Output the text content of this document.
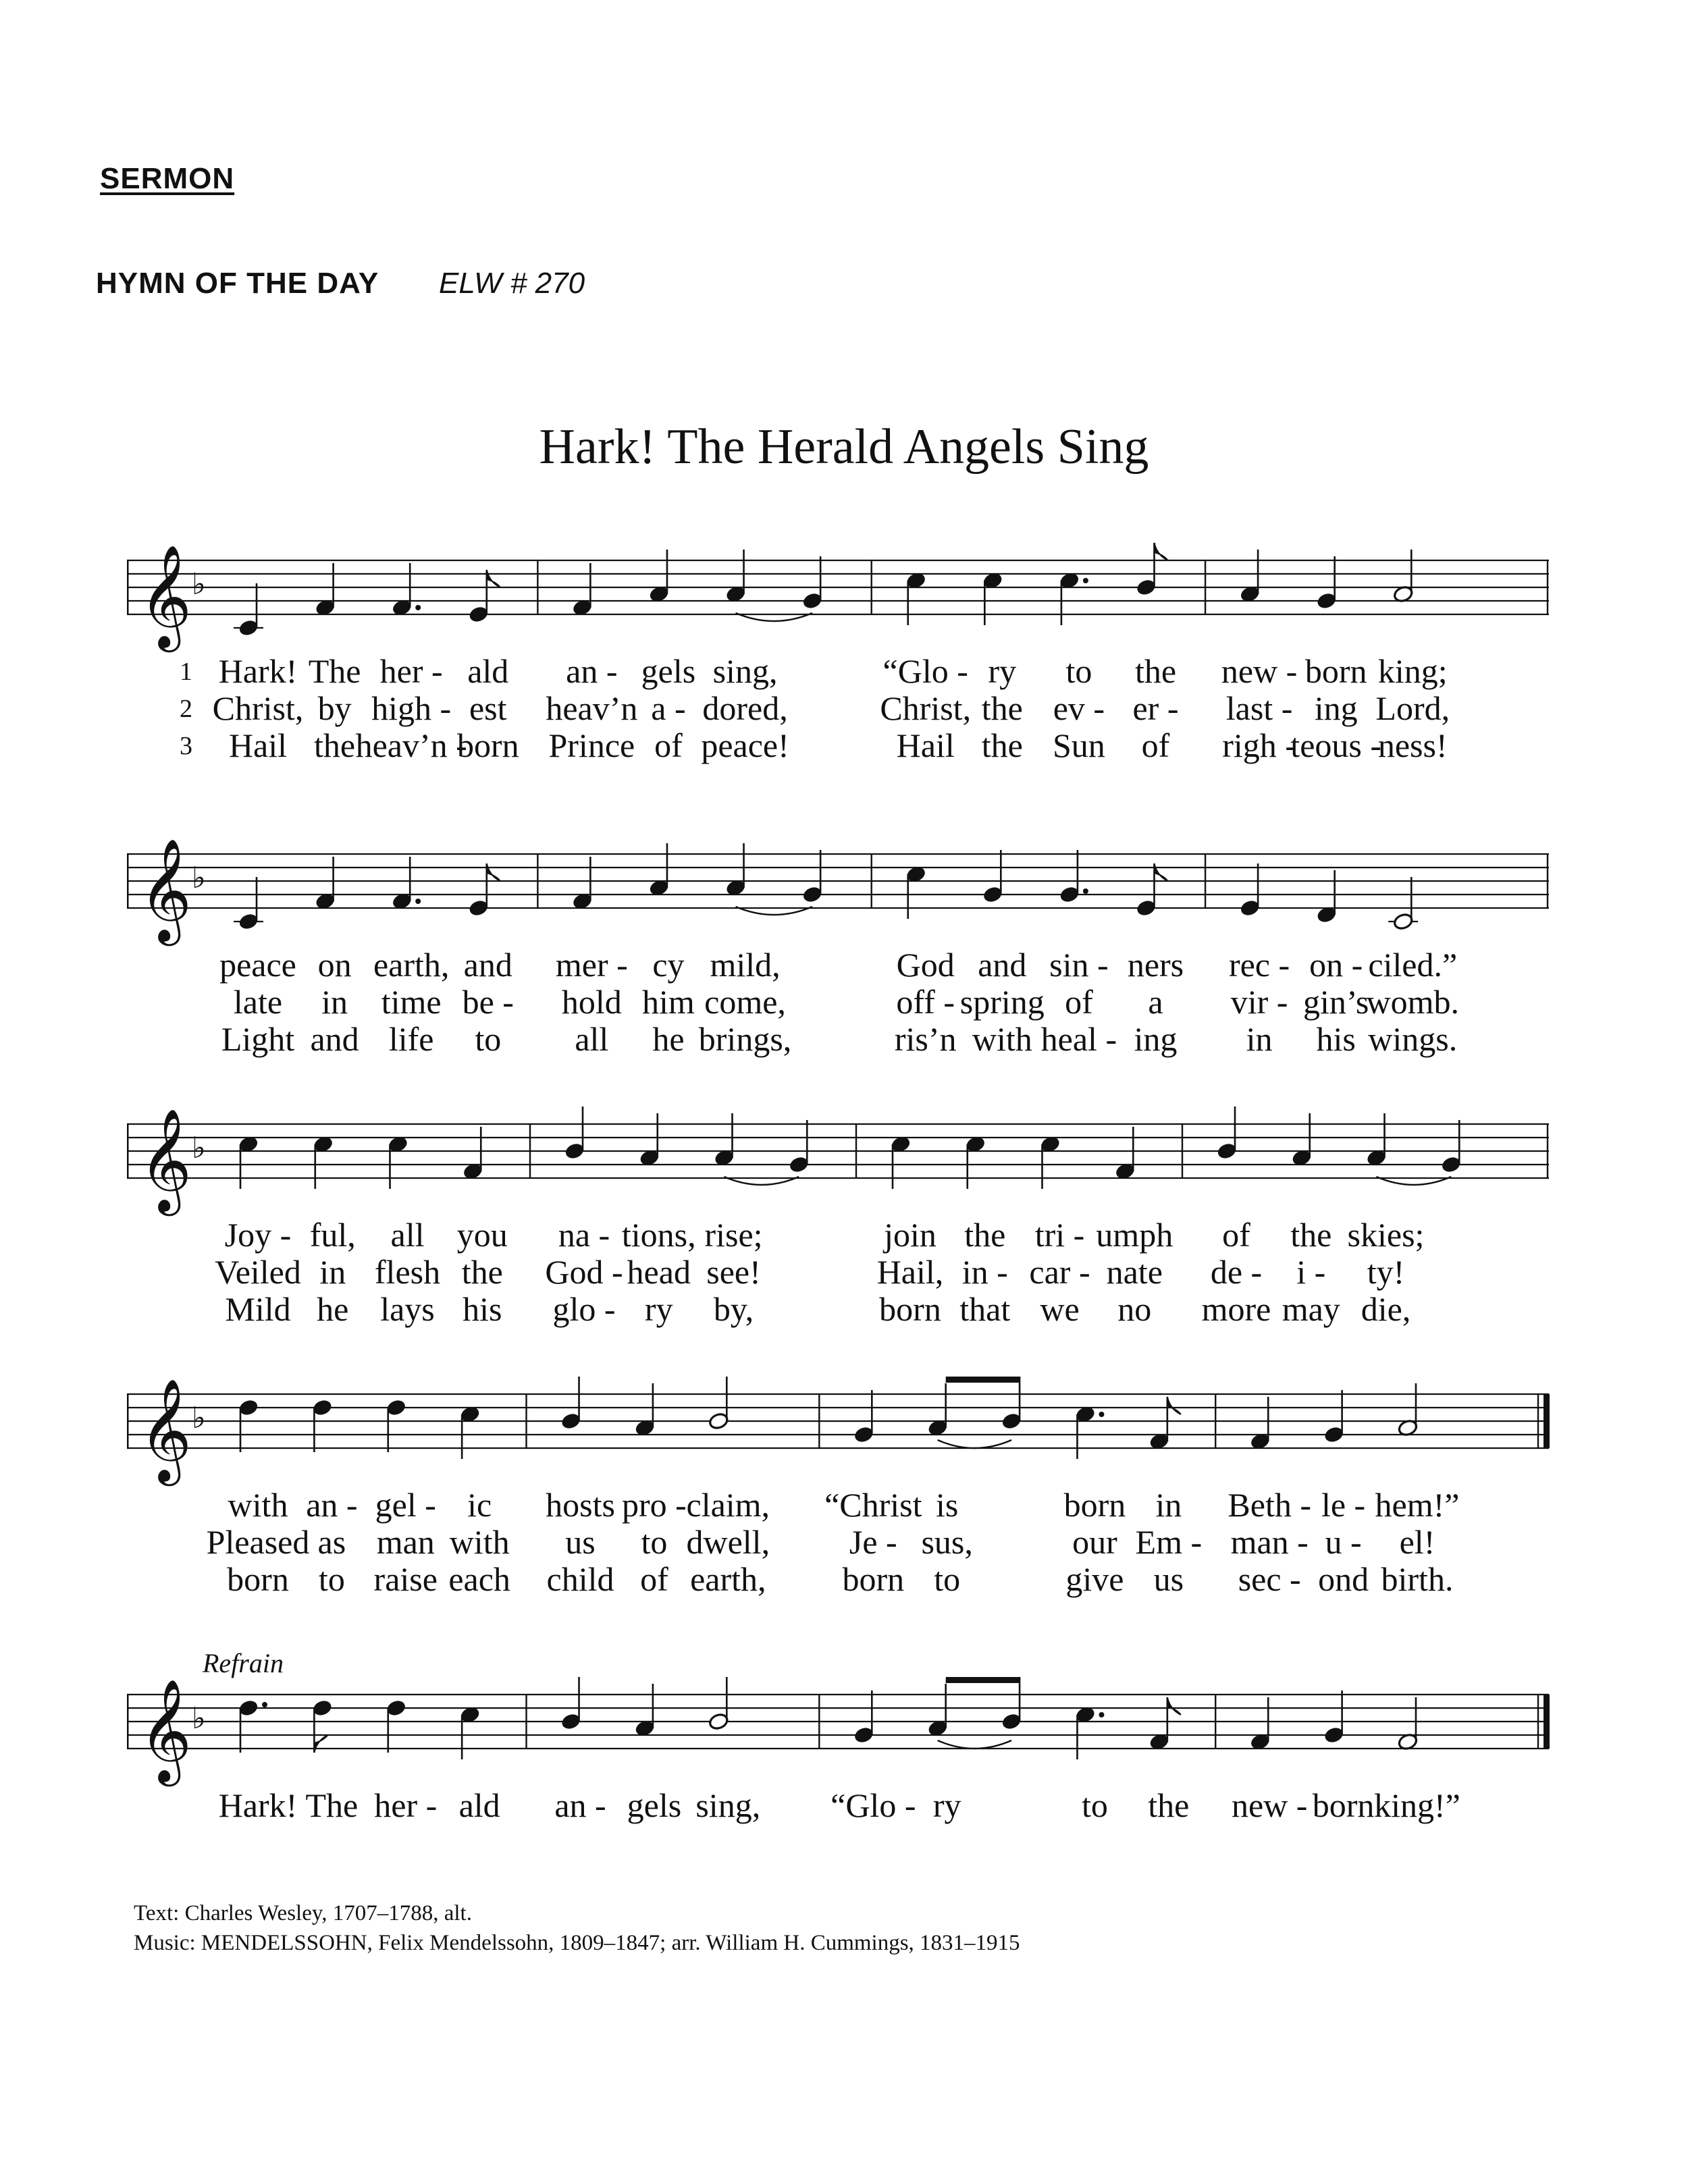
SERMON
HYMN OF THE DAY ELW # 270
Hark! The Herald Angels Sing
𝄞 ♭
1 Hark! The her - ald an - gels sing,	“Glo - ry to the new - born king;
2 Christ, by high - est heav’n a - dored,	Christ, the ev - er - last - ing Lord,
3 Hail the heav’n -
born Prince of peace!	Hail the Sun of righ -
teous -
ness!
𝄞 ♭
peace on earth, and mer - cy mild,	God and sin - ners rec - on - ciled.”
late in time be - hold him come,	off - spring of a vir - gin’s
womb.
Light and life to all he brings,	ris’n with heal - ing in his wings.
𝄞 ♭
Joy - ful, all you na - tions, rise;	join the tri - umph of the skies;
Veiled in flesh the God - head see!	Hail, in - car - nate de - i - ty!
Mild he lays his glo - ry by,	born that we no more may die,
𝄞 ♭
with an - gel - ic hosts pro - claim, “Christ is	born in Beth - le - hem!”
Pleased as man with us to dwell, Je - sus,	our Em - man - u - el!
born to raise each child of earth, born to	give us sec - ond birth.
Refrain
𝄞 ♭
Hark! The her - ald an - gels sing, “Glo - ry	to the new - born king!”
Text: Charles Wesley, 1707–1788, alt.
Music: MENDELSSOHN, Felix Mendelssohn, 1809–1847; arr. William H. Cummings, 1831–1915
